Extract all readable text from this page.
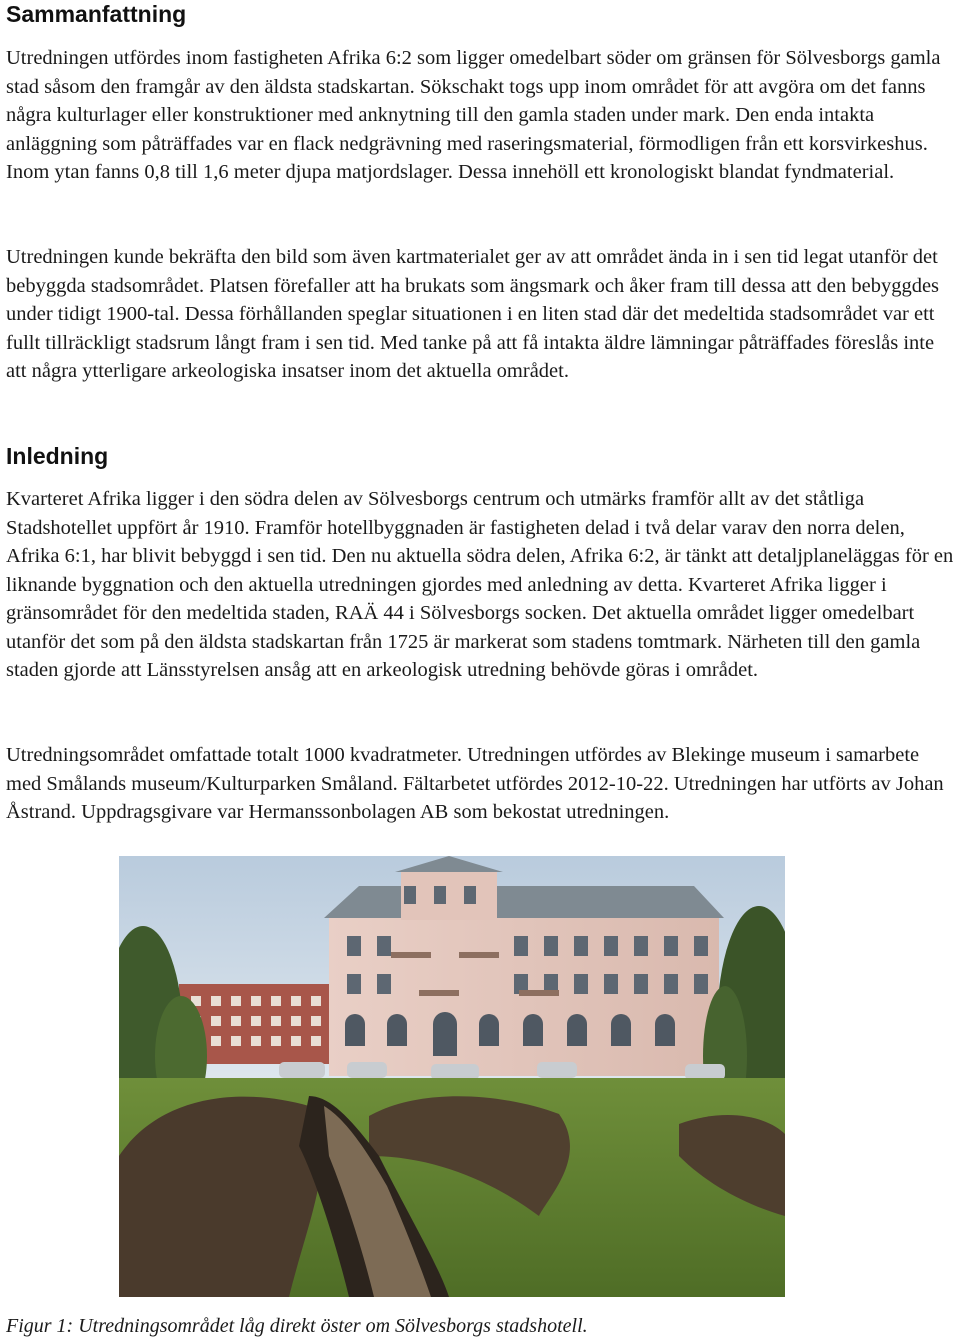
Sammanfattning

Utredningen utfördes inom fastigheten Afrika 6:2 som ligger omedelbart söder om gränsen för Sölvesborgs gamla stad såsom den framgår av den äldsta stadskartan. Sökschakt togs upp inom området för att avgöra om det fanns några kulturlager eller konstruktioner med anknytning till den gamla staden under mark. Den enda intakta anläggning som påträffades var en flack nedgrävning med raseringsmaterial, förmodligen från ett korsvirkeshus. Inom ytan fanns 0,8 till 1,6 meter djupa matjordslager. Dessa innehöll ett kronologiskt blandat fyndmaterial.

Utredningen kunde bekräfta den bild som även kartmaterialet ger av att området ända in i sen tid legat utanför det bebyggda stadsområdet. Platsen förefaller att ha brukats som ängsmark och åker fram till dessa att den bebyggdes under tidigt 1900-tal. Dessa förhållanden speglar situationen i en liten stad där det medeltida stadsområdet var ett fullt tillräckligt stadsrum långt fram i sen tid. Med tanke på att få intakta äldre lämningar påträffades föreslås inte att några ytterligare arkeologiska insatser inom det aktuella området.

Inledning

Kvarteret Afrika ligger i den södra delen av Sölvesborgs centrum och utmärks framför allt av det ståtliga Stadshotellet uppfört år 1910. Framför hotellbyggnaden är fastigheten delad i två delar varav den norra delen, Afrika 6:1, har blivit bebyggd i sen tid. Den nu aktuella södra delen, Afrika 6:2, är tänkt att detaljplaneläggas för en liknande byggnation och den aktuella utredningen gjordes med anledning av detta. Kvarteret Afrika ligger i gränsområdet för den medeltida staden, RAÄ 44 i Sölvesborgs socken. Det aktuella området ligger omedelbart utanför det som på den äldsta stadskartan från 1725 är markerat som stadens tomtmark. Närheten till den gamla staden gjorde att Länsstyrelsen ansåg att en arkeologisk utredning behövde göras i området.

Utredningsområdet omfattade totalt 1000 kvadratmeter. Utredningen utfördes av Blekinge museum i samarbete med Smålands museum/Kulturparken Småland. Fältarbetet utfördes 2012-10-22. Utredningen har utförts av Johan Åstrand. Uppdragsgivare var Hermanssonbolagen AB som bekostat utredningen.

Figur 1: Utredningsområdet låg direkt öster om Sölvesborgs stadshotell.
